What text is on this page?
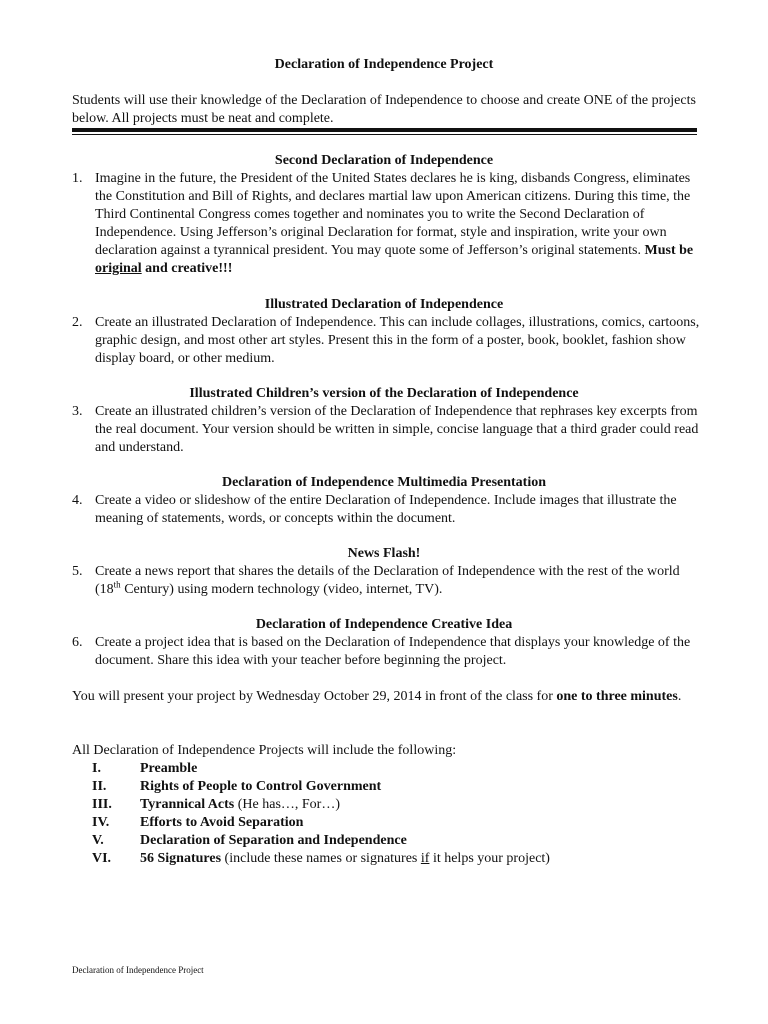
Declaration of Independence Project
Students will use their knowledge of the Declaration of Independence to choose and create ONE of the projects below. All projects must be neat and complete.
Second Declaration of Independence
1. Imagine in the future, the President of the United States declares he is king, disbands Congress, eliminates the Constitution and Bill of Rights, and declares martial law upon American citizens. During this time, the Third Continental Congress comes together and nominates you to write the Second Declaration of Independence. Using Jefferson’s original Declaration for format, style and inspiration, write your own declaration against a tyrannical president. You may quote some of Jefferson’s original statements. Must be original and creative!!!
Illustrated Declaration of Independence
2. Create an illustrated Declaration of Independence. This can include collages, illustrations, comics, cartoons, graphic design, and most other art styles. Present this in the form of a poster, book, booklet, fashion show display board, or other medium.
Illustrated Children’s version of the Declaration of Independence
3. Create an illustrated children’s version of the Declaration of Independence that rephrases key excerpts from the real document. Your version should be written in simple, concise language that a third grader could read and understand.
Declaration of Independence Multimedia Presentation
4. Create a video or slideshow of the entire Declaration of Independence. Include images that illustrate the meaning of statements, words, or concepts within the document.
News Flash!
5. Create a news report that shares the details of the Declaration of Independence with the rest of the world (18th Century) using modern technology (video, internet, TV).
Declaration of Independence Creative Idea
6. Create a project idea that is based on the Declaration of Independence that displays your knowledge of the document. Share this idea with your teacher before beginning the project.
You will present your project by Wednesday October 29, 2014 in front of the class for one to three minutes.
All Declaration of Independence Projects will include the following:
I.	Preamble
II.	Rights of People to Control Government
III.	Tyrannical Acts (He has…, For…)
IV.	Efforts to Avoid Separation
V.	Declaration of Separation and Independence
VI.	56 Signatures (include these names or signatures if it helps your project)
Declaration of Independence Project
